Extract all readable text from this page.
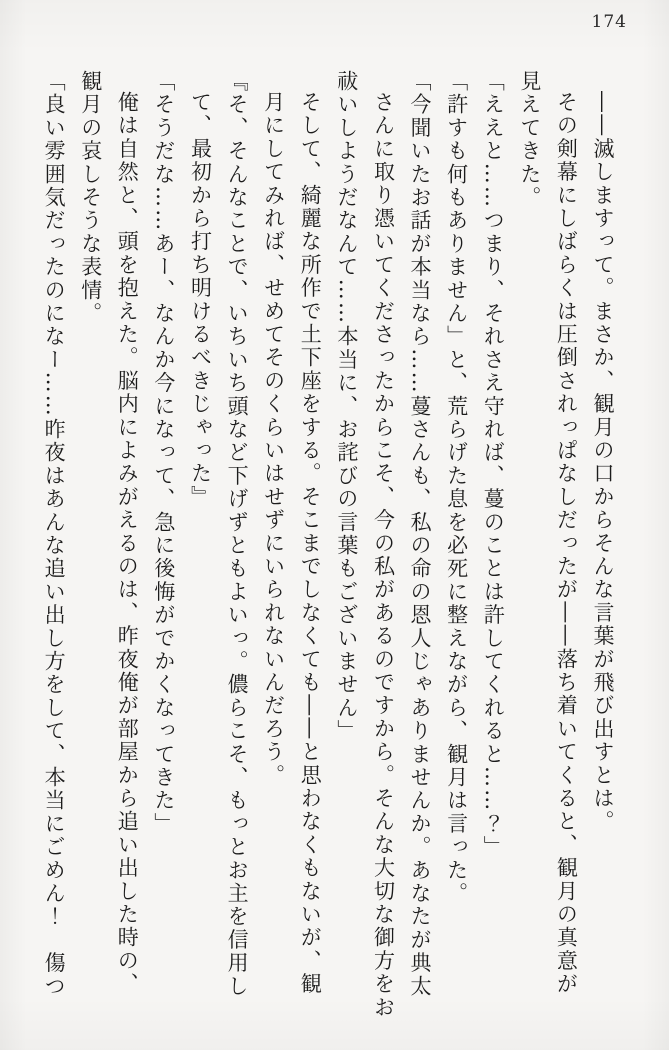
174

――滅しますって。まさか、観月の口からそんな言葉が飛び出すとは。

その剣幕にしばらくは圧倒されっぱなしだったが――落ち着いてくると、観月の真意が

見えてきた。

「ええと……つまり、それさえ守れば、蔓のことは許してくれると……？」

「許すも何もありません」と、荒らげた息を必死に整えながら、観月は言った。

「今聞いたお話が本当なら……蔓さんも、私の命の恩人じゃありませんか。あなたが典太

さんに取り憑いてくださったからこそ、今の私があるのですから。そんな大切な御方をお

祓いしようだなんて……本当に、お詫びの言葉もございません」

そして、綺麗な所作で土下座をする。そこまでしなくても――と思わなくもないが、観

月にしてみれば、せめてそのくらいはせずにいられないんだろう。

『そ、そんなことで、いちいち頭など下げずともよいっ。儂らこそ、もっとお主を信用し

て、最初から打ち明けるべきじゃった』

「そうだな……あー、なんか今になって、急に後悔がでかくなってきた」

俺は自然と、頭を抱えた。脳内によみがえるのは、昨夜俺が部屋から追い出した時の、

観月の哀しそうな表情。

「良い雰囲気だったのになー……昨夜はあんな追い出し方をして、本当にごめん！　傷つ
